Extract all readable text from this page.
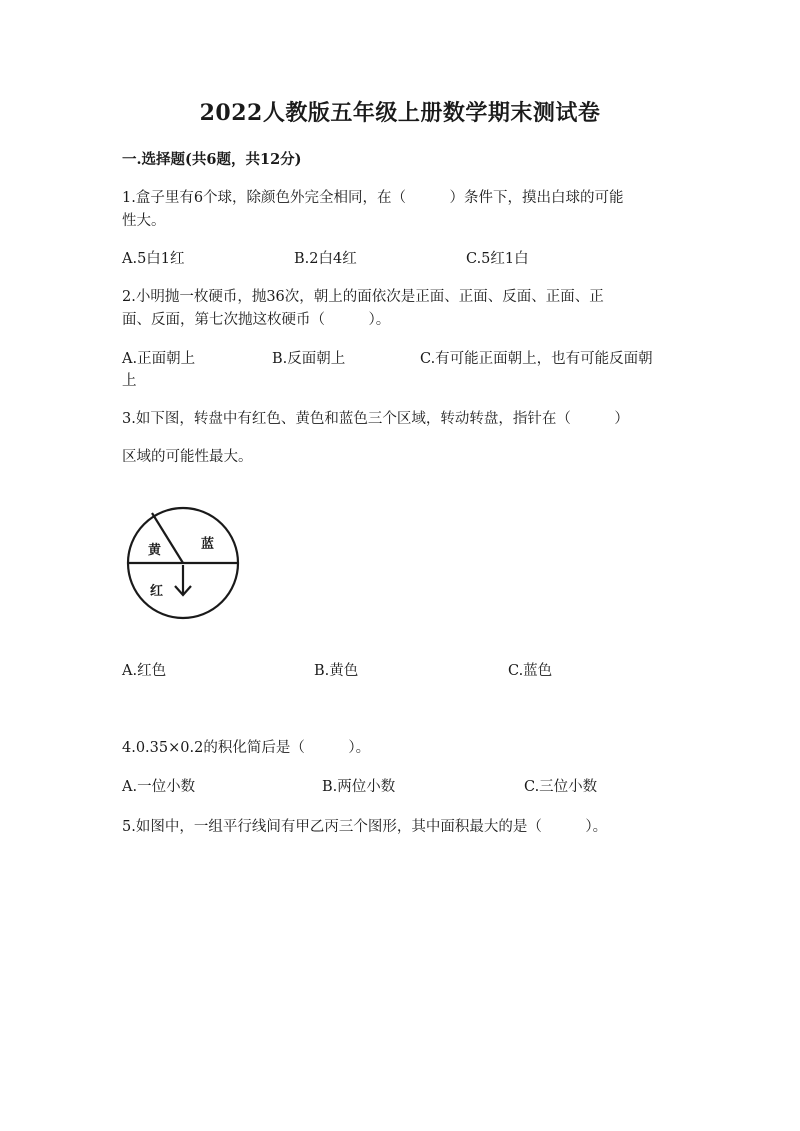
2022人教版五年级上册数学期末测试卷
一.选择题(共6题，共12分)
1.盒子里有6个球，除颜色外完全相同，在（　　　）条件下，摸出白球的可能
性大。
A.5白1红	B.2白4红	C.5红1白
2.小明抛一枚硬币，抛36次，朝上的面依次是正面、正面、反面、正面、正
面、反面，第七次抛这枚硬币（　　　）。
A.正面朝上	B.反面朝上	C.有可能正面朝上，也有可能反面朝
上
3.如下图，转盘中有红色、黄色和蓝色三个区域，转动转盘，指针在（　　　）
区域的可能性最大。
黄	蓝
红
A.红色	B.黄色	C.蓝色
4.0.35×0.2的积化简后是（　　　）。
A.一位小数	B.两位小数	C.三位小数
5.如图中，一组平行线间有甲乙丙三个图形，其中面积最大的是（　　　）。
